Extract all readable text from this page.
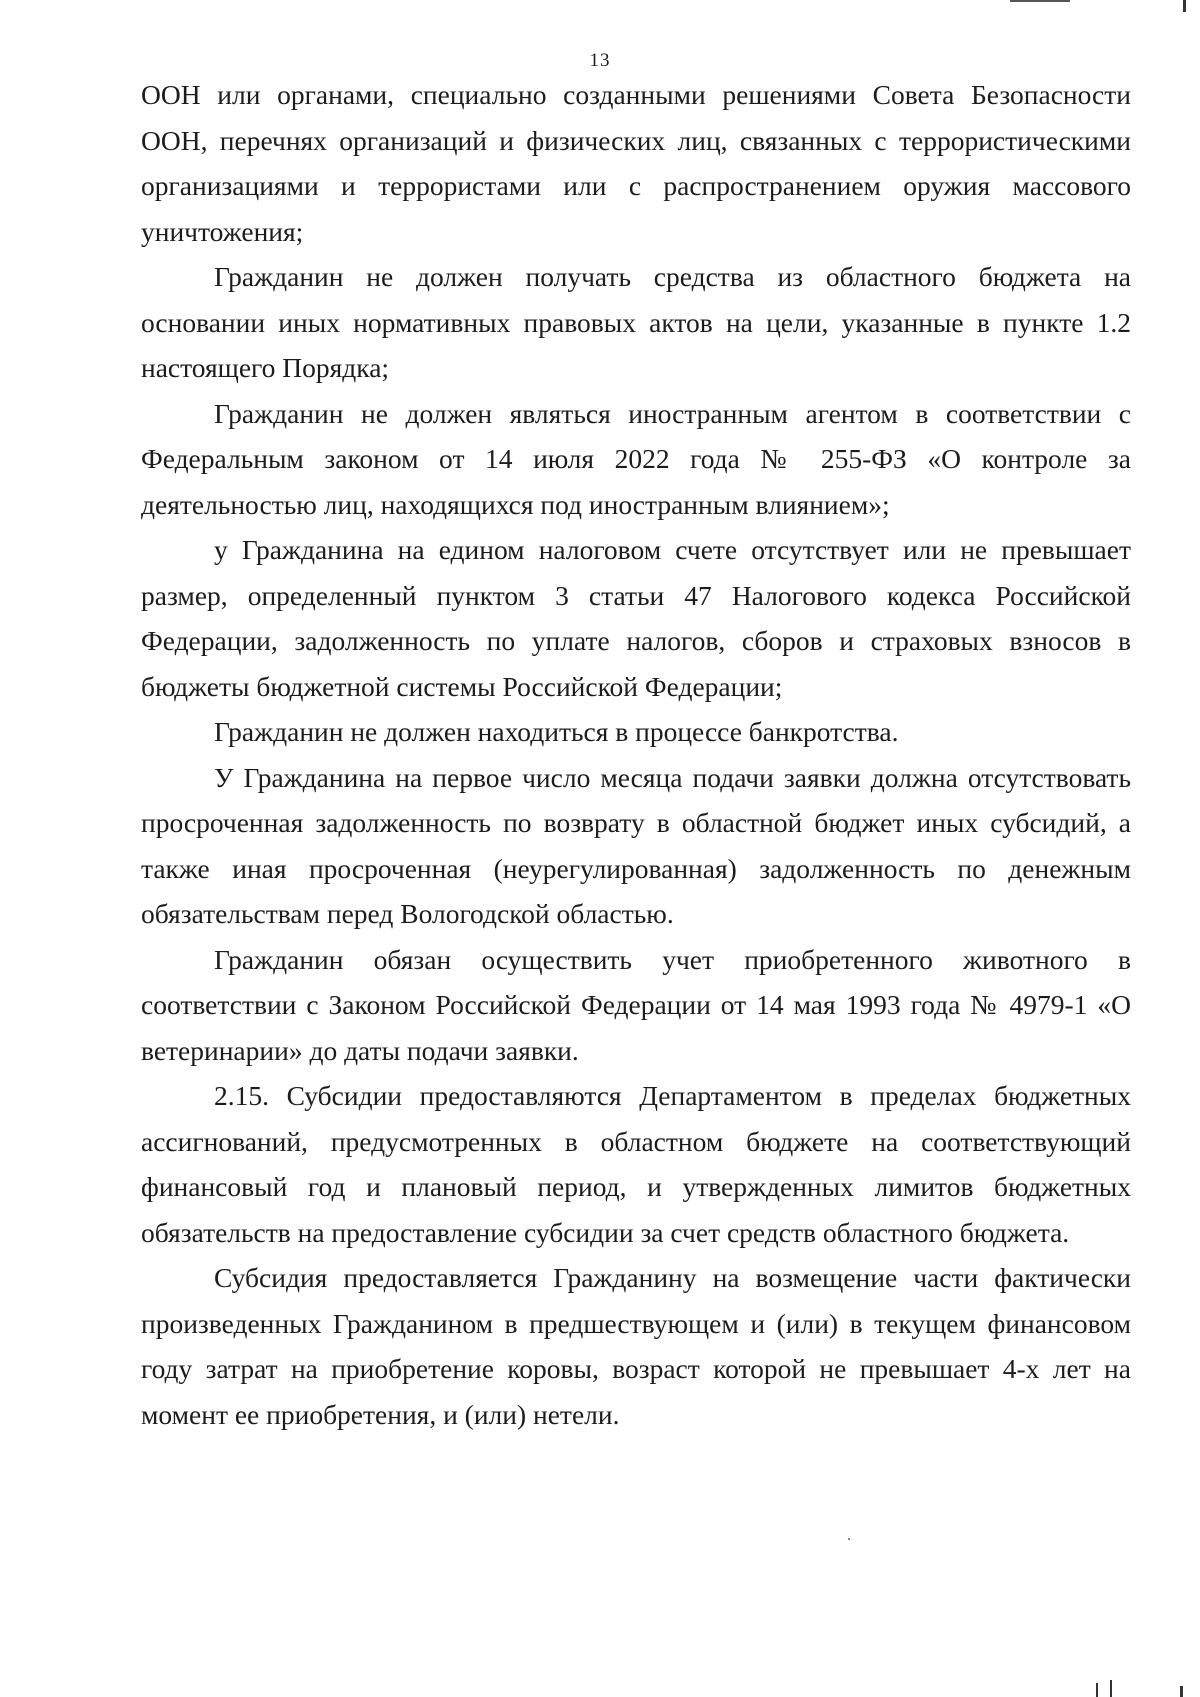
13

ООН или органами, специально созданными решениями Совета Безопасности ООН, перечнях организаций и физических лиц, связанных с террористическими организациями и террористами или с распространением оружия массового уничтожения;

Гражданин не должен получать средства из областного бюджета на основании иных нормативных правовых актов на цели, указанные в пункте 1.2 настоящего Порядка;

Гражданин не должен являться иностранным агентом в соответствии с Федеральным законом от 14 июля 2022 года № 255-ФЗ «О контроле за деятельностью лиц, находящихся под иностранным влиянием»;

у Гражданина на едином налоговом счете отсутствует или не превышает размер, определенный пунктом 3 статьи 47 Налогового кодекса Российской Федерации, задолженность по уплате налогов, сборов и страховых взносов в бюджеты бюджетной системы Российской Федерации;

Гражданин не должен находиться в процессе банкротства.

У Гражданина на первое число месяца подачи заявки должна отсутствовать просроченная задолженность по возврату в областной бюджет иных субсидий, а также иная просроченная (неурегулированная) задолженность по денежным обязательствам перед Вологодской областью.

Гражданин обязан осуществить учет приобретенного животного в соответствии с Законом Российской Федерации от 14 мая 1993 года № 4979-1 «О ветеринарии» до даты подачи заявки.

2.15. Субсидии предоставляются Департаментом в пределах бюджетных ассигнований, предусмотренных в областном бюджете на соответствующий финансовый год и плановый период, и утвержденных лимитов бюджетных обязательств на предоставление субсидии за счет средств областного бюджета.

Субсидия предоставляется Гражданину на возмещение части фактически произведенных Гражданином в предшествующем и (или) в текущем финансовом году затрат на приобретение коровы, возраст которой не превышает 4-х лет на момент ее приобретения, и (или) нетели.
